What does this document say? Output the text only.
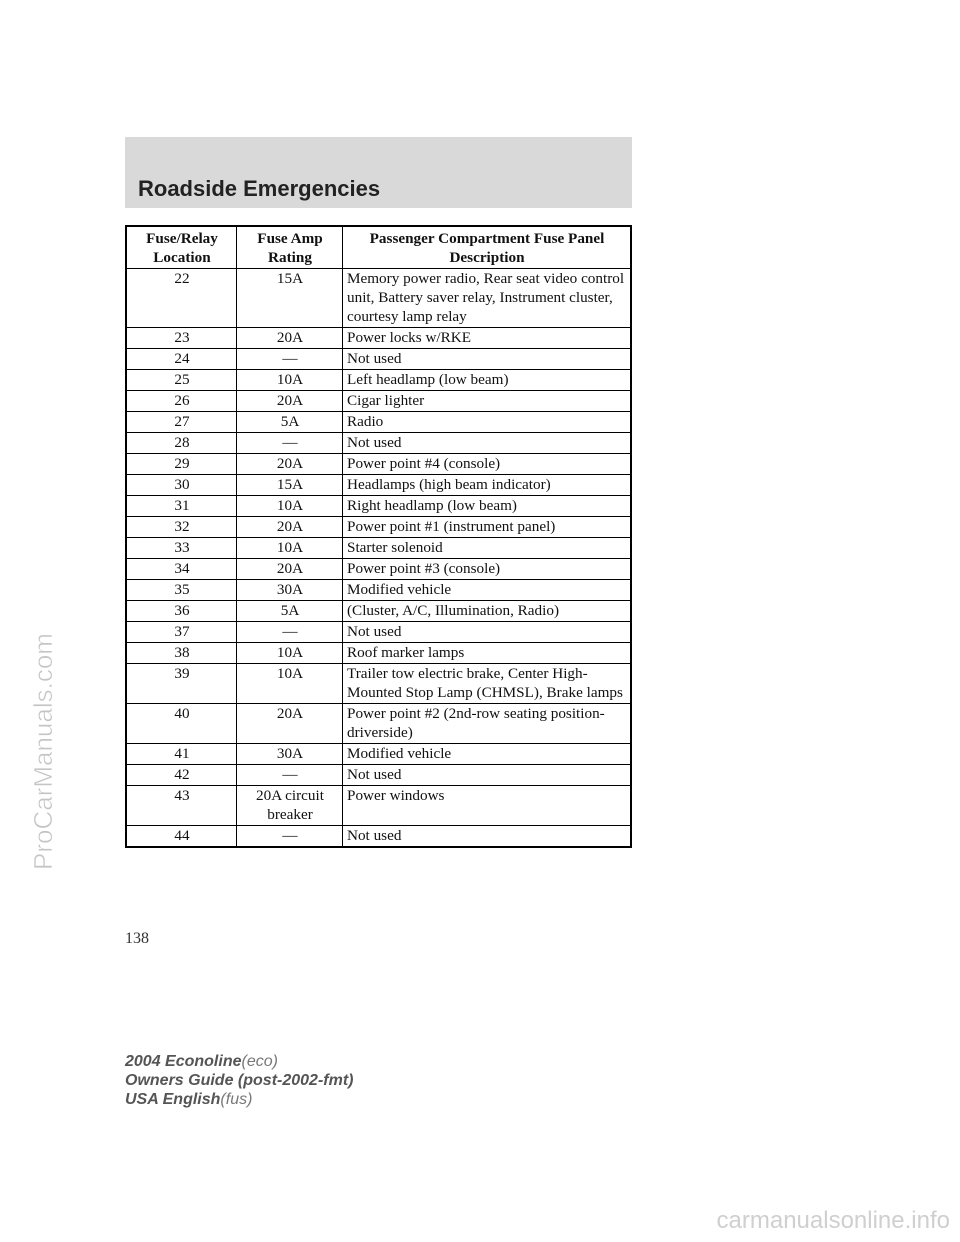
Roadside Emergencies
Fuse/Relay Location	Fuse Amp Rating	Passenger Compartment Fuse Panel Description
22	15A	Memory power radio, Rear seat video control unit, Battery saver relay, Instrument cluster, courtesy lamp relay
23	20A	Power locks w/RKE
24	—	Not used
25	10A	Left headlamp (low beam)
26	20A	Cigar lighter
27	5A	Radio
28	—	Not used
29	20A	Power point #4 (console)
30	15A	Headlamps (high beam indicator)
31	10A	Right headlamp (low beam)
32	20A	Power point #1 (instrument panel)
33	10A	Starter solenoid
34	20A	Power point #3 (console)
35	30A	Modified vehicle
36	5A	(Cluster, A/C, Illumination, Radio)
37	—	Not used
38	10A	Roof marker lamps
39	10A	Trailer tow electric brake, Center High-Mounted Stop Lamp (CHMSL), Brake lamps
40	20A	Power point #2 (2nd-row seating position-driverside)
41	30A	Modified vehicle
42	—	Not used
43	20A circuit breaker	Power windows
44	—	Not used
138
2004 Econoline(eco)
Owners Guide (post-2002-fmt)
USA English(fus)
ProCarManuals.com
carmanualsonline.info
